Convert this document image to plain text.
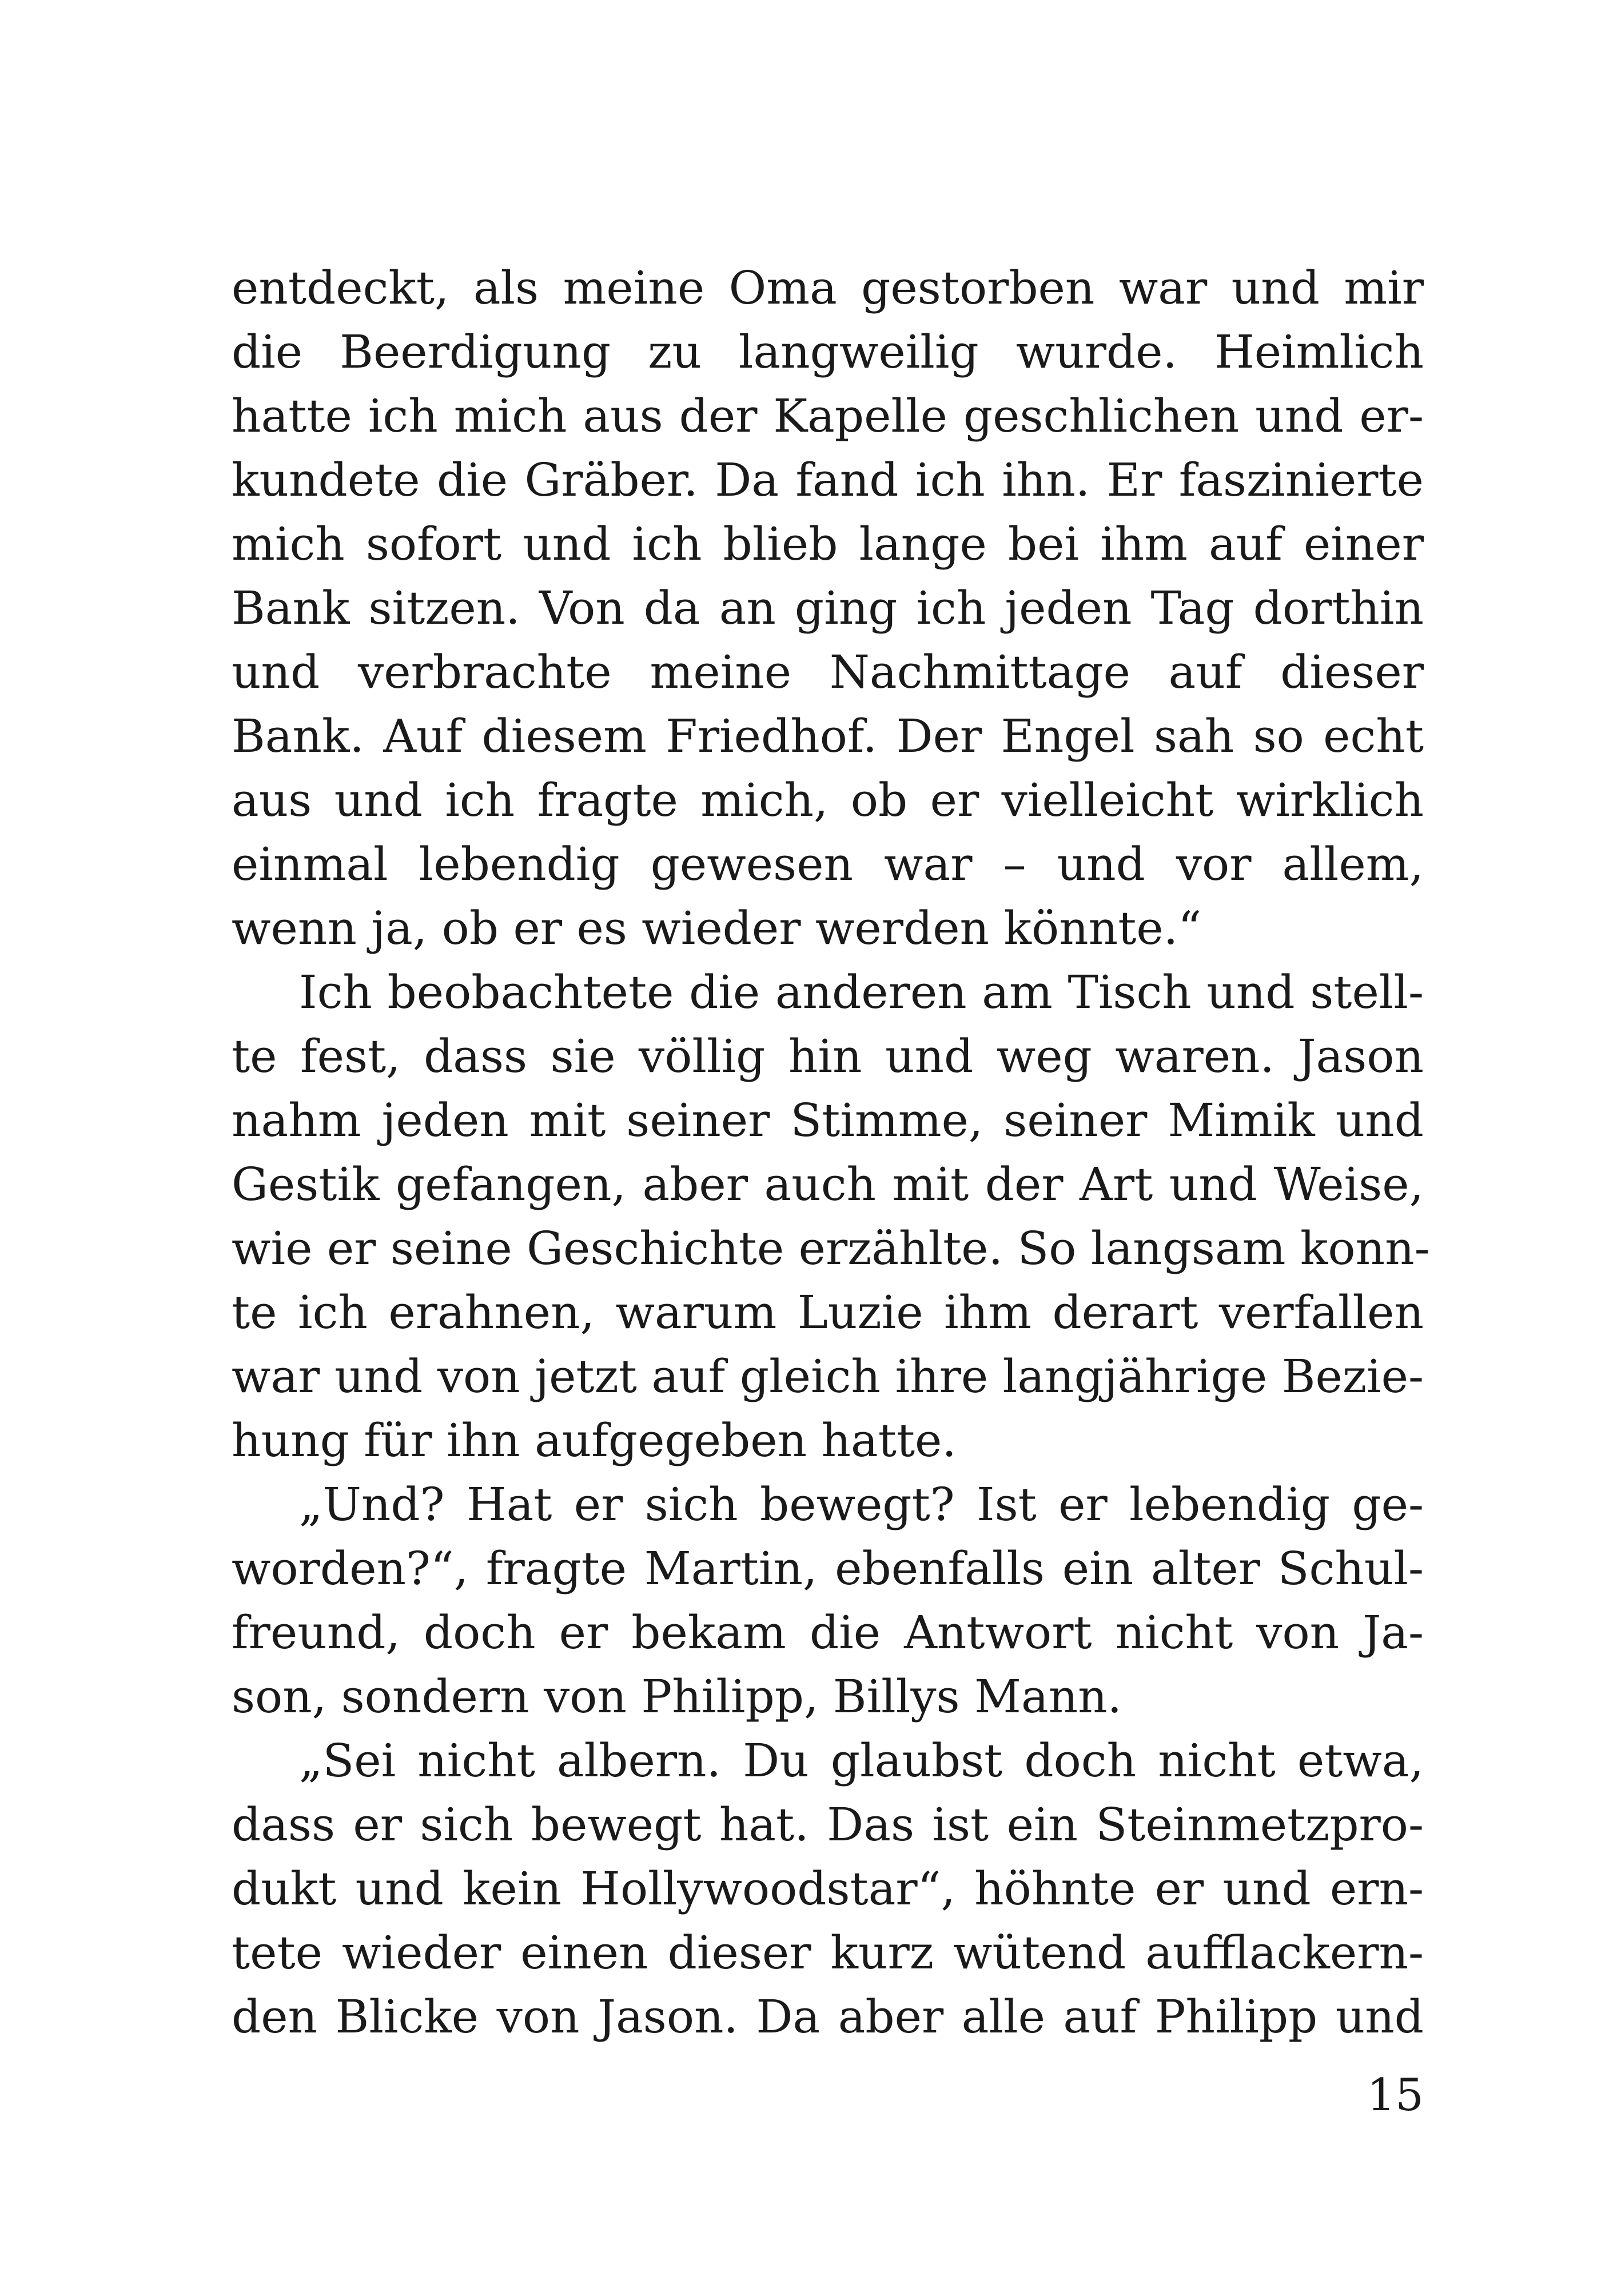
entdeckt, als meine Oma gestorben war und mir
die Beerdigung zu langweilig wurde. Heimlich
hatte ich mich aus der Kapelle geschlichen und er-
kundete die Gräber. Da fand ich ihn. Er faszinierte
mich sofort und ich blieb lange bei ihm auf einer
Bank sitzen. Von da an ging ich jeden Tag dorthin
und verbrachte meine Nachmittage auf dieser
Bank. Auf diesem Friedhof. Der Engel sah so echt
aus und ich fragte mich, ob er vielleicht wirklich
einmal lebendig gewesen war – und vor allem,
wenn ja, ob er es wieder werden könnte.“
Ich beobachtete die anderen am Tisch und stell-
te fest, dass sie völlig hin und weg waren. Jason
nahm jeden mit seiner Stimme, seiner Mimik und
Gestik gefangen, aber auch mit der Art und Weise,
wie er seine Geschichte erzählte. So langsam konn-
te ich erahnen, warum Luzie ihm derart verfallen
war und von jetzt auf gleich ihre langjährige Bezie-
hung für ihn aufgegeben hatte.
„Und? Hat er sich bewegt? Ist er lebendig ge-
worden?“, fragte Martin, ebenfalls ein alter Schul-
freund, doch er bekam die Antwort nicht von Ja-
son, sondern von Philipp, Billys Mann.
„Sei nicht albern. Du glaubst doch nicht etwa,
dass er sich bewegt hat. Das ist ein Steinmetzpro-
dukt und kein Hollywoodstar“, höhnte er und ern-
tete wieder einen dieser kurz wütend aufflackern-
den Blicke von Jason. Da aber alle auf Philipp und
15
